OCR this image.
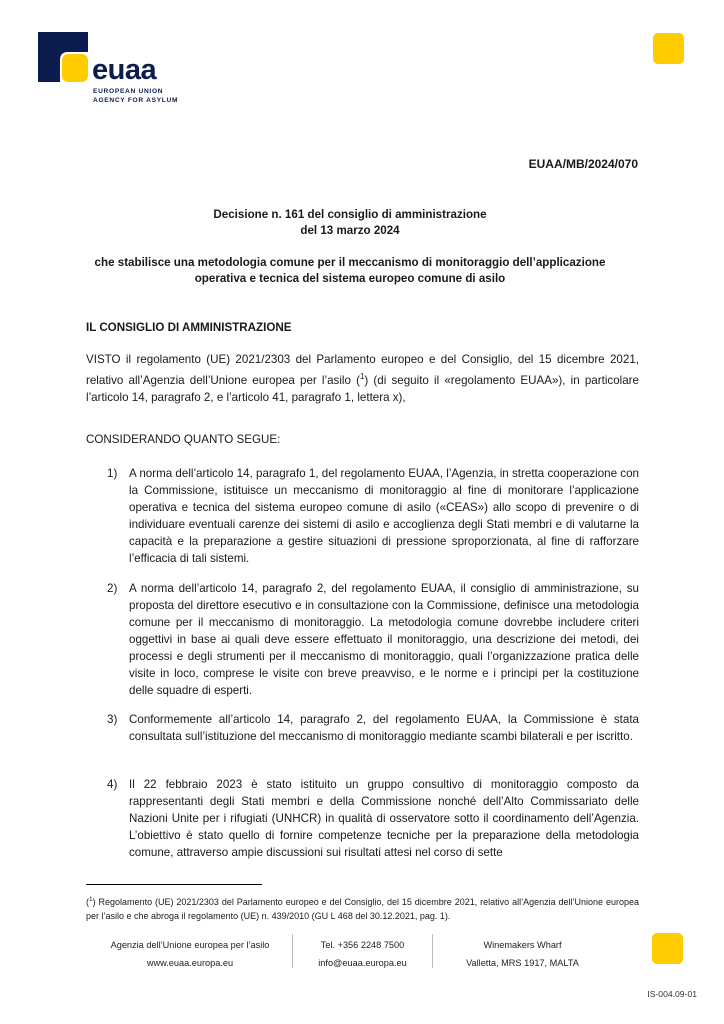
euaa
EUROPEAN UNION
AGENCY FOR ASYLUM
EUAA/MB/2024/070
Decisione n. 161 del consiglio di amministrazione
del 13 marzo 2024
che stabilisce una metodologia comune per il meccanismo di monitoraggio dell’applicazione
operativa e tecnica del sistema europeo comune di asilo
IL CONSIGLIO DI AMMINISTRAZIONE
VISTO il regolamento (UE) 2021/2303 del Parlamento europeo e del Consiglio, del 15 dicembre 2021, relativo all’Agenzia dell’Unione europea per l’asilo ($^1$) (di seguito il «regolamento EUAA»), in particolare l’articolo 14, paragrafo 2, e l’articolo 41, paragrafo 1, lettera x),
CONSIDERANDO QUANTO SEGUE:
1) A norma dell’articolo 14, paragrafo 1, del regolamento EUAA, l’Agenzia, in stretta cooperazione con la Commissione, istituisce un meccanismo di monitoraggio al fine di monitorare l’applicazione operativa e tecnica del sistema europeo comune di asilo («CEAS») allo scopo di prevenire o di individuare eventuali carenze dei sistemi di asilo e accoglienza degli Stati membri e di valutarne la capacità e la preparazione a gestire situazioni di pressione sproporzionata, al fine di rafforzare l’efficacia di tali sistemi.
2) A norma dell’articolo 14, paragrafo 2, del regolamento EUAA, il consiglio di amministrazione, su proposta del direttore esecutivo e in consultazione con la Commissione, definisce una metodologia comune per il meccanismo di monitoraggio. La metodologia comune dovrebbe includere criteri oggettivi in base ai quali deve essere effettuato il monitoraggio, una descrizione dei metodi, dei processi e degli strumenti per il meccanismo di monitoraggio, quali l’organizzazione pratica delle visite in loco, comprese le visite con breve preavviso, e le norme e i principi per la costituzione delle squadre di esperti.
3) Conformemente all’articolo 14, paragrafo 2, del regolamento EUAA, la Commissione è stata consultata sull’istituzione del meccanismo di monitoraggio mediante scambi bilaterali e per iscritto.
4) Il 22 febbraio 2023 è stato istituito un gruppo consultivo di monitoraggio composto da rappresentanti degli Stati membri e della Commissione nonché dell’Alto Commissariato delle Nazioni Unite per i rifugiati (UNHCR) in qualità di osservatore sotto il coordinamento dell’Agenzia. L’obiettivo è stato quello di fornire competenze tecniche per la preparazione della metodologia comune, attraverso ampie discussioni sui risultati attesi nel corso di sette
($^1$) Regolamento (UE) 2021/2303 del Parlamento europeo e del Consiglio, del 15 dicembre 2021, relativo all’Agenzia dell’Unione europea per l’asilo e che abroga il regolamento (UE) n. 439/2010 (GU L 468 del 30.12.2021, pag. 1).
Agenzia dell’Unione europea per l’asilo
www.euaa.europa.eu
Tel. +356 2248 7500
info@euaa.europa.eu
Winemakers Wharf
Valletta, MRS 1917, MALTA
IS-004.09-01
